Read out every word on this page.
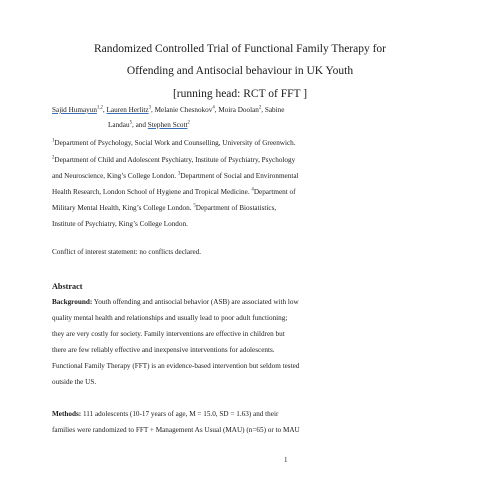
Randomized Controlled Trial of Functional Family Therapy for
Offending and Antisocial behaviour in UK Youth
[running head: RCT of FFT ]
Sajid Humayun$^{1,2}$, Lauren Herlitz$^3$, Melanie Chesnokov$^4$, Moira Doolan$^2$, Sabine
Landau$^5$, and Stephen Scott$^2$
$^1$Department of Psychology, Social Work and Counselling, University of Greenwich.
$^2$Department of Child and Adolescent Psychiatry, Institute of Psychiatry, Psychology
and Neuroscience, King’s College London. $^3$Department of Social and Environmental
Health Research, London School of Hygiene and Tropical Medicine. $^4$Department of
Military Mental Health, King’s College London. $^5$Department of Biostatistics,
Institute of Psychiatry, King’s College London.
Conflict of interest statement: no conflicts declared.
Abstract
Background: Youth offending and antisocial behavior (ASB) are associated with low
quality mental health and relationships and usually lead to poor adult functioning;
they are very costly for society. Family interventions are effective in children but
there are few reliably effective and inexpensive interventions for adolescents.
Functional Family Therapy (FFT) is an evidence-based intervention but seldom tested
outside the US.
Methods: 111 adolescents (10-17 years of age, M = 15.0, SD = 1.63) and their
families were randomized to FFT + Management As Usual (MAU) (n=65) or to MAU
1
